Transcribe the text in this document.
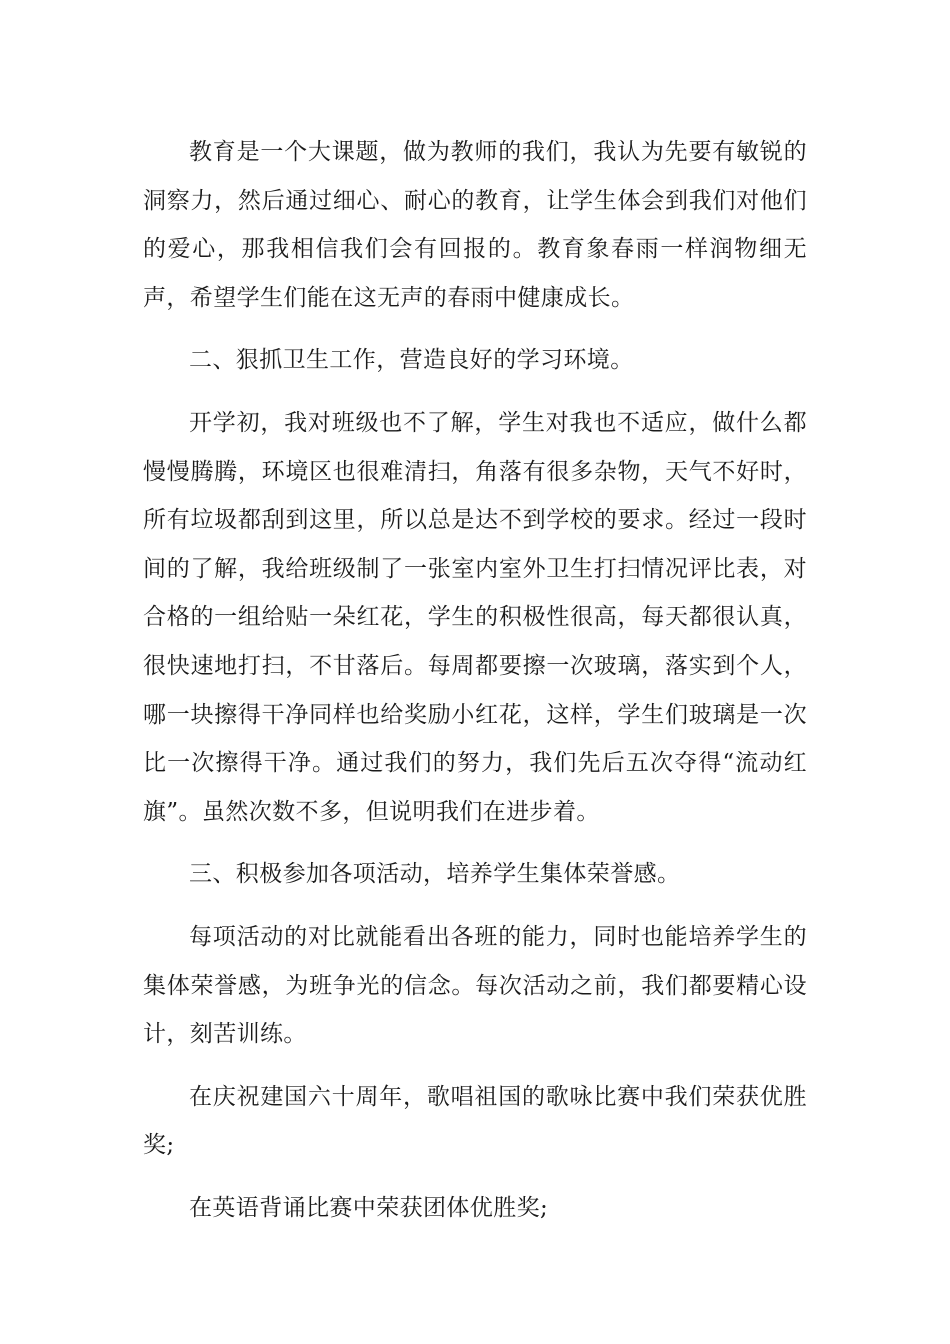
教育是一个大课题，做为教师的我们，我认为先要有敏锐的洞察力，然后通过细心、耐心的教育，让学生体会到我们对他们的爱心，那我相信我们会有回报的。教育象春雨一样润物细无声，希望学生们能在这无声的春雨中健康成长。

二、狠抓卫生工作，营造良好的学习环境。

开学初，我对班级也不了解，学生对我也不适应，做什么都慢慢腾腾，环境区也很难清扫，角落有很多杂物，天气不好时，所有垃圾都刮到这里，所以总是达不到学校的要求。经过一段时间的了解，我给班级制了一张室内室外卫生打扫情况评比表，对合格的一组给贴一朵红花，学生的积极性很高，每天都很认真，很快速地打扫，不甘落后。每周都要擦一次玻璃，落实到个人，哪一块擦得干净同样也给奖励小红花，这样，学生们玻璃是一次比一次擦得干净。通过我们的努力，我们先后五次夺得“流动红旗”。虽然次数不多，但说明我们在进步着。

三、积极参加各项活动，培养学生集体荣誉感。

每项活动的对比就能看出各班的能力，同时也能培养学生的集体荣誉感，为班争光的信念。每次活动之前，我们都要精心设计，刻苦训练。

在庆祝建国六十周年，歌唱祖国的歌咏比赛中我们荣获优胜奖;

在英语背诵比赛中荣获团体优胜奖;
